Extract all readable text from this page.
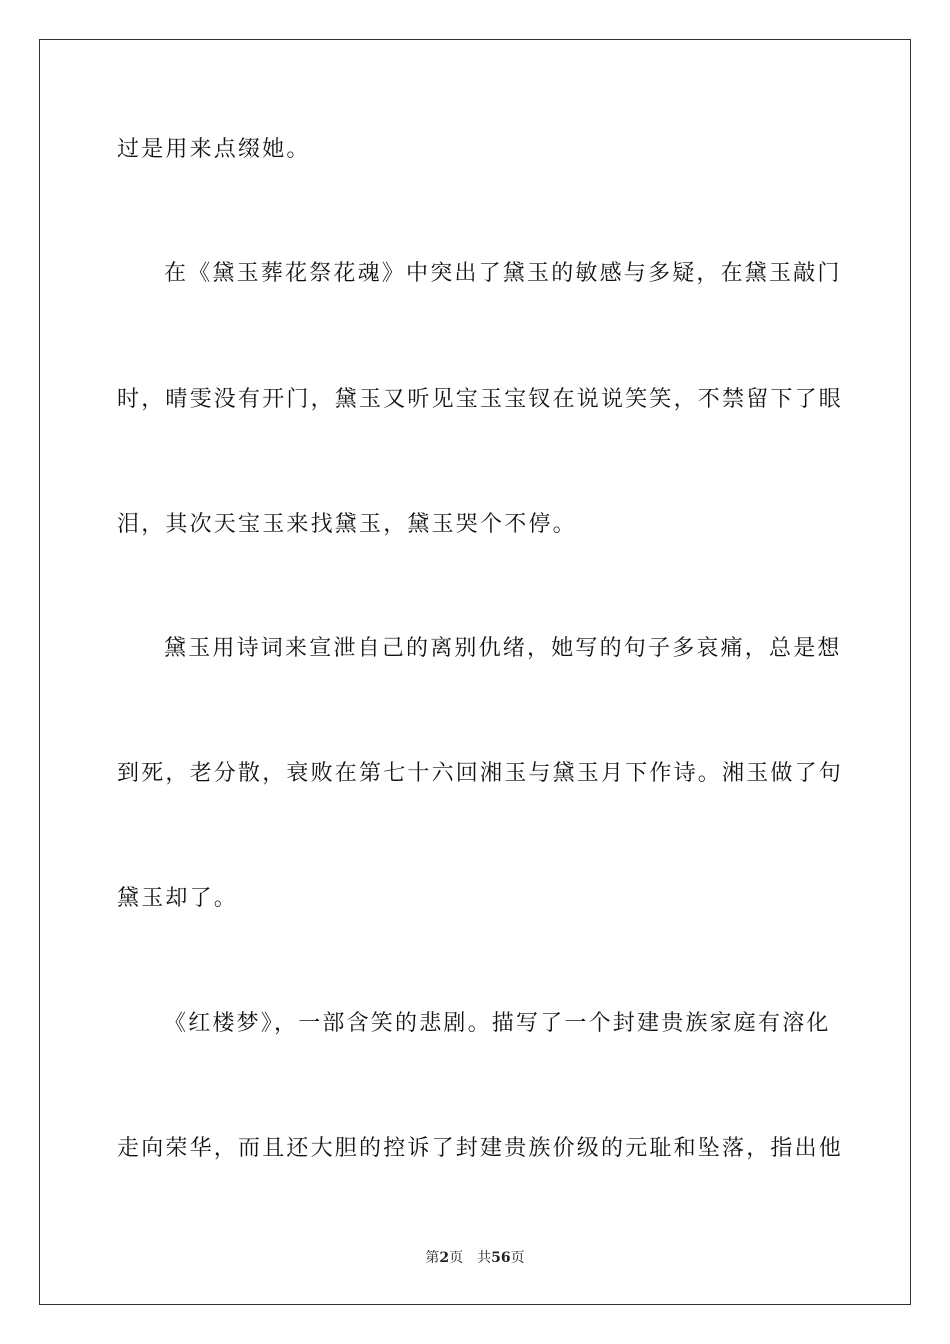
过是用来点缀她。
在《黛玉葬花祭花魂》中突出了黛玉的敏感与多疑，在黛玉敲门
时，晴雯没有开门，黛玉又听见宝玉宝钗在说说笑笑，不禁留下了眼
泪，其次天宝玉来找黛玉，黛玉哭个不停。
黛玉用诗词来宣泄自己的离别仇绪，她写的句子多哀痛，总是想
到死，老分散，衰败在第七十六回湘玉与黛玉月下作诗。湘玉做了句
黛玉却了。
《红楼梦》，一部含笑的悲剧。描写了一个封建贵族家庭有溶化
走向荣华，而且还大胆的控诉了封建贵族价级的元耻和坠落，指出他
第2页 共56页
